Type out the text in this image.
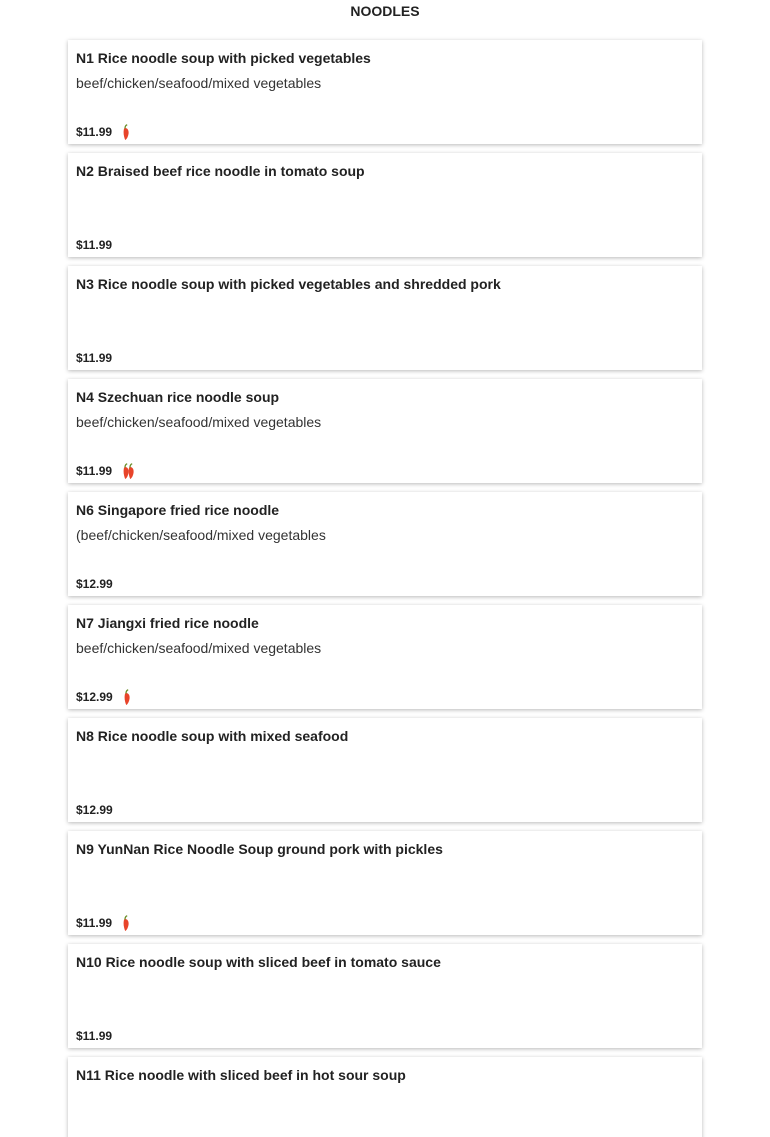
NOODLES
N1 Rice noodle soup with picked vegetables
beef/chicken/seafood/mixed vegetables
$11.99
N2 Braised beef rice noodle in tomato soup
$11.99
N3 Rice noodle soup with picked vegetables and shredded pork
$11.99
N4 Szechuan rice noodle soup
beef/chicken/seafood/mixed vegetables
$11.99
N6 Singapore fried rice noodle
(beef/chicken/seafood/mixed vegetables
$12.99
N7 Jiangxi fried rice noodle
beef/chicken/seafood/mixed vegetables
$12.99
N8 Rice noodle soup with mixed seafood
$12.99
N9 YunNan Rice Noodle Soup ground pork with pickles
$11.99
N10 Rice noodle soup with sliced beef in tomato sauce
$11.99
N11 Rice noodle with sliced beef in hot sour soup
